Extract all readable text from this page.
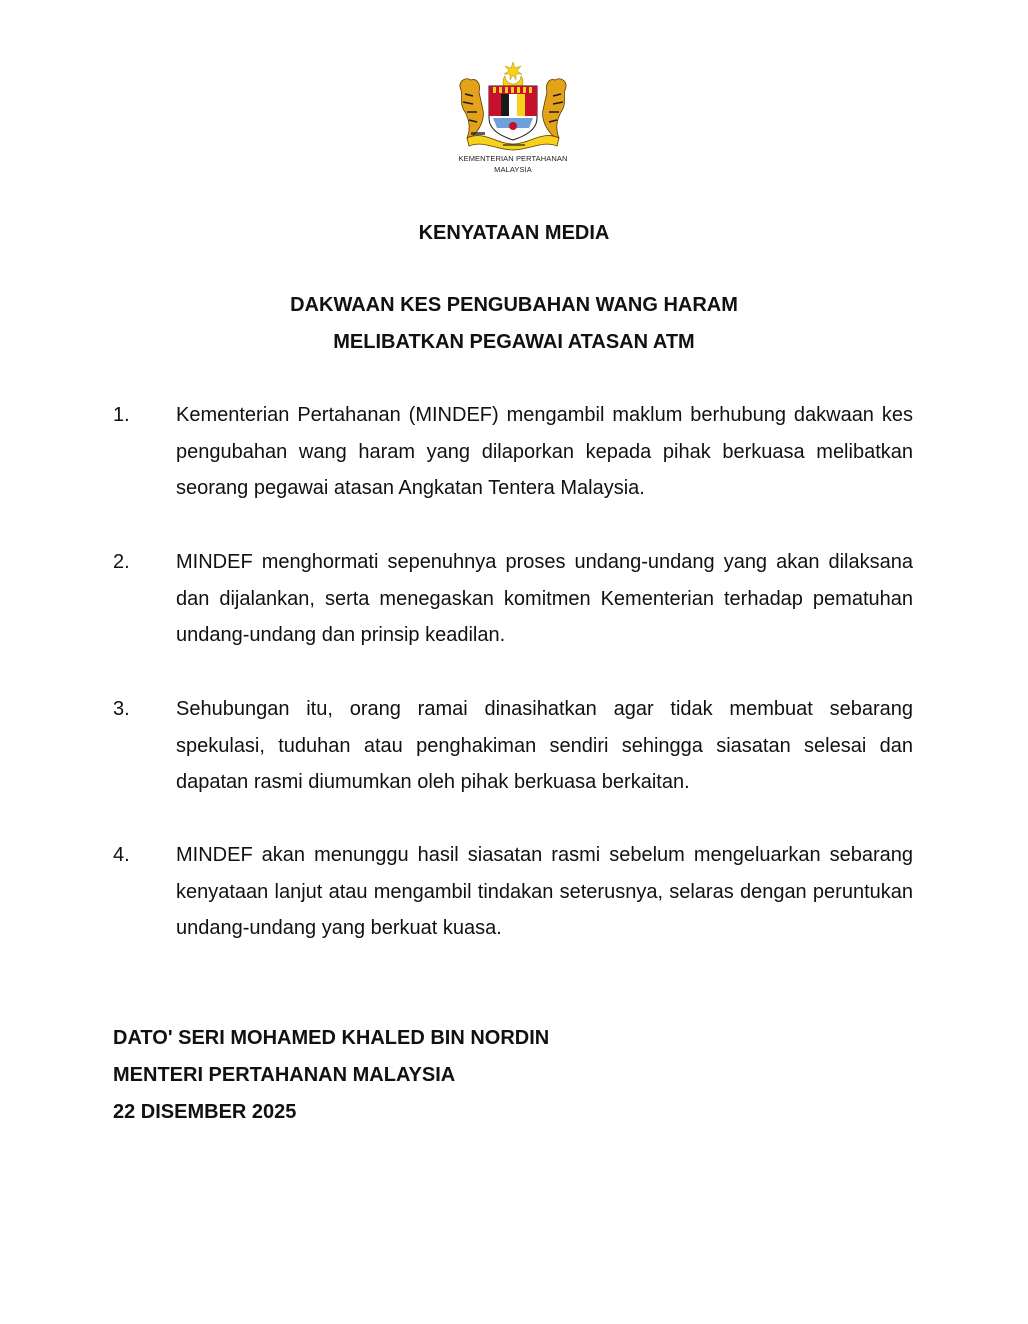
KEMENTERIAN PERTAHANAN
MALAYSIA
KENYATAAN MEDIA
DAKWAAN KES PENGUBAHAN WANG HARAM
MELIBATKAN PEGAWAI ATASAN ATM
1.	Kementerian Pertahanan (MINDEF) mengambil maklum berhubung dakwaan kes pengubahan wang haram yang dilaporkan kepada pihak berkuasa melibatkan seorang pegawai atasan Angkatan Tentera Malaysia.
2.	MINDEF menghormati sepenuhnya proses undang-undang yang akan dilaksana dan dijalankan, serta menegaskan komitmen Kementerian terhadap pematuhan undang-undang dan prinsip keadilan.
3.	Sehubungan itu, orang ramai dinasihatkan agar tidak membuat sebarang spekulasi, tuduhan atau penghakiman sendiri sehingga siasatan selesai dan dapatan rasmi diumumkan oleh pihak berkuasa berkaitan.
4.	MINDEF akan menunggu hasil siasatan rasmi sebelum mengeluarkan sebarang kenyataan lanjut atau mengambil tindakan seterusnya, selaras dengan peruntukan undang-undang yang berkuat kuasa.
DATO' SERI MOHAMED KHALED BIN NORDIN
MENTERI PERTAHANAN MALAYSIA
22 DISEMBER 2025
